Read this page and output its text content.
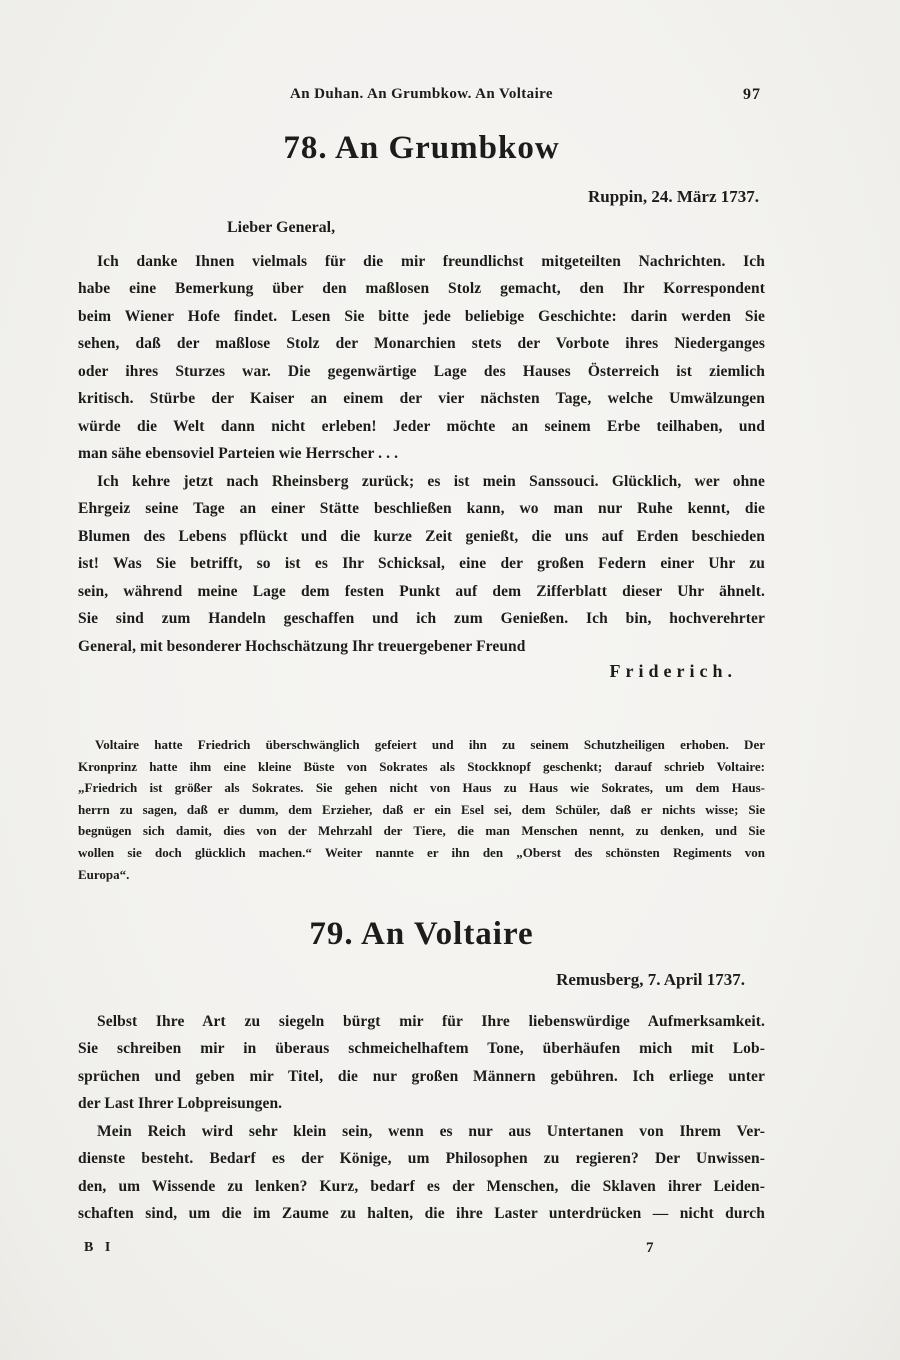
An Duhan. An Grumbkow. An Voltaire	97
78. An Grumbkow
Ruppin, 24. März 1737.
Lieber General,
Ich danke Ihnen vielmals für die mir freundlichst mitgeteilten Nachrichten. Ich
habe eine Bemerkung über den maßlosen Stolz gemacht, den Ihr Korrespondent
beim Wiener Hofe findet. Lesen Sie bitte jede beliebige Geschichte: darin werden Sie
sehen, daß der maßlose Stolz der Monarchien stets der Vorbote ihres Niederganges
oder ihres Sturzes war. Die gegenwärtige Lage des Hauses Österreich ist ziemlich
kritisch. Stürbe der Kaiser an einem der vier nächsten Tage, welche Umwälzungen
würde die Welt dann nicht erleben! Jeder möchte an seinem Erbe teilhaben, und
man sähe ebensoviel Parteien wie Herrscher . . .
Ich kehre jetzt nach Rheinsberg zurück; es ist mein Sanssouci. Glücklich, wer ohne
Ehrgeiz seine Tage an einer Stätte beschließen kann, wo man nur Ruhe kennt, die
Blumen des Lebens pflückt und die kurze Zeit genießt, die uns auf Erden beschieden
ist! Was Sie betrifft, so ist es Ihr Schicksal, eine der großen Federn einer Uhr zu
sein, während meine Lage dem festen Punkt auf dem Zifferblatt dieser Uhr ähnelt.
Sie sind zum Handeln geschaffen und ich zum Genießen. Ich bin, hochverehrter
General, mit besonderer Hochschätzung Ihr treuergebener Freund
Friderich.
Voltaire hatte Friedrich überschwänglich gefeiert und ihn zu seinem Schutzheiligen erhoben. Der
Kronprinz hatte ihm eine kleine Büste von Sokrates als Stockknopf geschenkt; darauf schrieb Voltaire:
„Friedrich ist größer als Sokrates. Sie gehen nicht von Haus zu Haus wie Sokrates, um dem Haus-
herrn zu sagen, daß er dumm, dem Erzieher, daß er ein Esel sei, dem Schüler, daß er nichts wisse; Sie
begnügen sich damit, dies von der Mehrzahl der Tiere, die man Menschen nennt, zu denken, und Sie
wollen sie doch glücklich machen.“ Weiter nannte er ihn den „Oberst des schönsten Regiments von
Europa“.
79. An Voltaire
Remusberg, 7. April 1737.
Selbst Ihre Art zu siegeln bürgt mir für Ihre liebenswürdige Aufmerksamkeit.
Sie schreiben mir in überaus schmeichelhaftem Tone, überhäufen mich mit Lob-
sprüchen und geben mir Titel, die nur großen Männern gebühren. Ich erliege unter
der Last Ihrer Lobpreisungen.
Mein Reich wird sehr klein sein, wenn es nur aus Untertanen von Ihrem Ver-
dienste besteht. Bedarf es der Könige, um Philosophen zu regieren? Der Unwissen-
den, um Wissende zu lenken? Kurz, bedarf es der Menschen, die Sklaven ihrer Leiden-
schaften sind, um die im Zaume zu halten, die ihre Laster unterdrücken — nicht durch
B I	7
